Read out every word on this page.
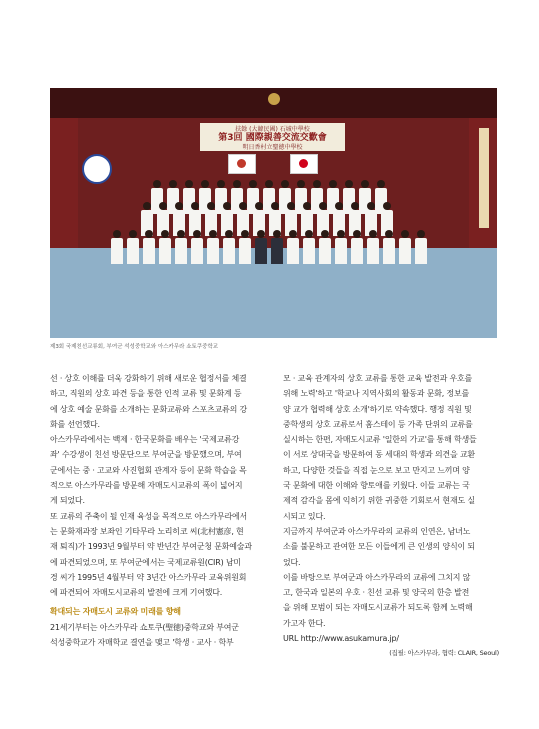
扶餘 (大韓民國) 石城中學校
第3回 國際親善交流交歡會
明日香村立聖徳中學校
제3회 국제친선교류회, 부여군 석성중학교와 아스카무라 쇼토쿠중학교

선 · 상호 이해를 더욱 강화하기 위해 새로운 협정서를 체결

하고, 직원의 상호 파견 등을 통한 인적 교류 및 문화계 등

에 상호 예술 문화를 소개하는 문화교류와 스포츠교류의 강

화를 선언했다.

아스카무라에서는 백제 · 한국문화를 배우는 '국제교류강

좌' 수강생이 친선 방문단으로 부여군을 방문했으며, 부여

군에서는 중 · 고교와 사진협회 관계자 등이 문화 학습을 목

적으로 아스카무라를 방문해 자매도시교류의 폭이 넓어지

게 되었다.

또 교류의 주축이 될 인재 육성을 목적으로 아스카무라에서

는 문화재과장 보좌인 기타무라 노리히코 씨(北村憲彦, 현

재 퇴직)가 1993년 9월부터 약 반년간 부여군청 문화예술과

에 파견되었으며, 또 부여군에서는 국제교류원(CIR) 남미

경 씨가 1995년 4월부터 약 3년간 아스카무라 교육위원회

에 파견되어 자매도시교류의 발전에 크게 기여했다.

확대되는 자매도시 교류와 미래를 향해

21세기부터는 아스카무라 쇼토쿠(聖徳)중학교와 부여군

석성중학교가 자매학교 결연을 맺고 '학생 · 교사 · 학부

모 · 교육 관계자의 상호 교류를 통한 교육 발전과 우호를

위해 노력'하고 '학교나 지역사회의 활동과 문화, 정보를

양 교가 협력해 상호 소개'하기로 약속했다. 행정 직원 및

중학생의 상호 교류로서 홈스테이 등 가족 단위의 교류를

실시하는 한편, 자매도시교류 '일한의 가교'를 통해 학생들

이 서로 상대국을 방문하여 동 세대의 학생과 의견을 교환

하고, 다양한 것들을 직접 눈으로 보고 만지고 느끼며 양

국 문화에 대한 이해와 향토애를 키웠다. 이들 교류는 국

제적 감각을 몸에 익히기 위한 귀중한 기회로서 현재도 실

시되고 있다.

지금까지 부여군과 아스카무라의 교류의 인연은, 남녀노

소를 불문하고 관여한 모든 이들에게 큰 인생의 양식이 되

었다.

이를 바탕으로 부여군과 아스카무라의 교류에 그치지 않

고, 한국과 일본의 우호 · 친선 교류 및 양국의 한층 발전

을 위해 모범이 되는 자매도시교류가 되도록 함께 노력해

가고자 한다.

URL http://www.asukamura.jp/

(집필: 아스카무라, 협력: CLAIR, Seoul)
